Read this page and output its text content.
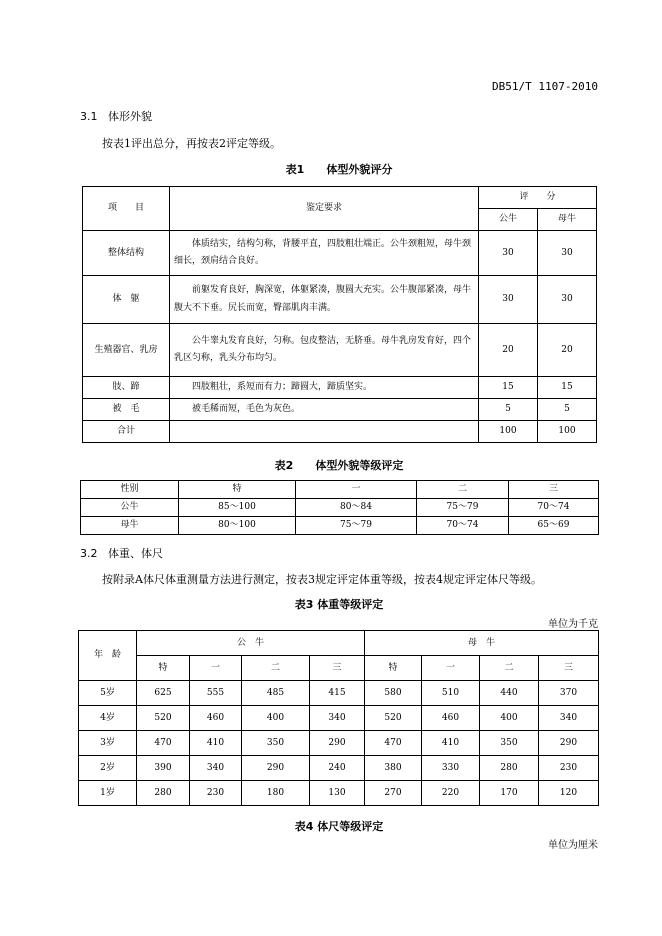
DB51/T 1107-2010
3.1 体形外貌
按表1评出总分，再按表2评定等级。
表1　　体型外貌评分
项　　目	鉴定要求	评　　分	
		公牛	母牛
整体结构	体质结实，结构匀称，背腰平直，四肢粗壮端正。公牛颈粗短，母牛颈细长，颈肩结合良好。	30	30
体　躯	前躯发育良好，胸深宽，体躯紧凑，腹圆大充实。公牛腹部紧凑，母牛腹大不下垂。尻长而宽，臀部肌肉丰满。	30	30
生殖器官、乳房	公牛睾丸发育良好，匀称。包皮整洁，无脐垂。母牛乳房发育好，四个乳区匀称，乳头分布均匀。	20	20
肢、蹄	四肢粗壮，系短而有力；蹄圆大，蹄质坚实。	15	15
被　毛	被毛稀而短，毛色为灰色。	5	5
合计		100	100
表2　　体型外貌等级评定
性别	特	一	二	三
公牛	85～100	80～84	75～79	70～74
母牛	80～100	75～79	70～74	65～69
3.2 体重、体尺
按附录A体尺体重测量方法进行测定，按表3规定评定体重等级，按表4规定评定体尺等级。
表3 体重等级评定
单位为千克
年　龄	公　牛				母　牛			
	特	一	二	三	特	一	二	三
5岁	625	555	485	415	580	510	440	370
4岁	520	460	400	340	520	460	400	340
3岁	470	410	350	290	470	410	350	290
2岁	390	340	290	240	380	330	280	230
1岁	280	230	180	130	270	220	170	120
表4 体尺等级评定
单位为厘米
